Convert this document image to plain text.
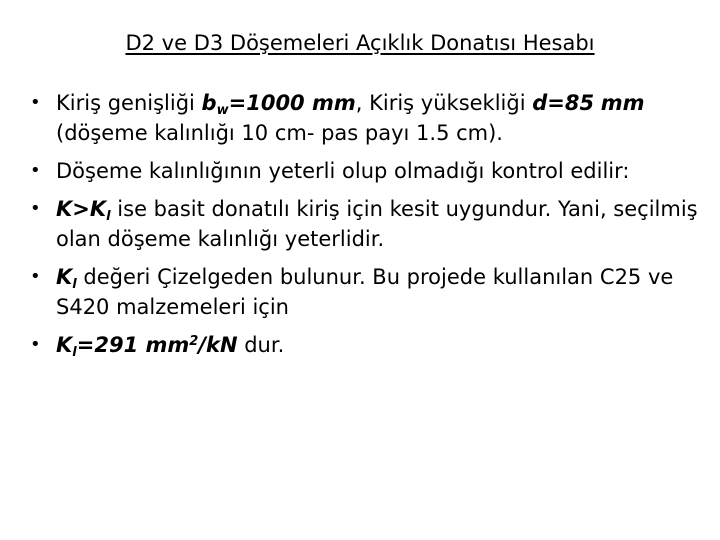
D2 ve D3 Döşemeleri Açıklık Donatısı Hesabı
• Kiriş genişliği $b_w=1000$ mm, Kiriş yüksekliği d=85 mm (döşeme kalınlığı 10 cm- pas payı 1.5 cm).
• Döşeme kalınlığının yeterli olup olmadığı kontrol edilir:
• $K>K_l$ ise basit donatılı kiriş için kesit uygundur. Yani, seçilmiş olan döşeme kalınlığı yeterlidir.
• $K_l$ değeri Çizelgeden bulunur. Bu projede kullanılan C25 ve S420 malzemeleri için
• $K_l=291$ $mm^2/kN$ dur.
